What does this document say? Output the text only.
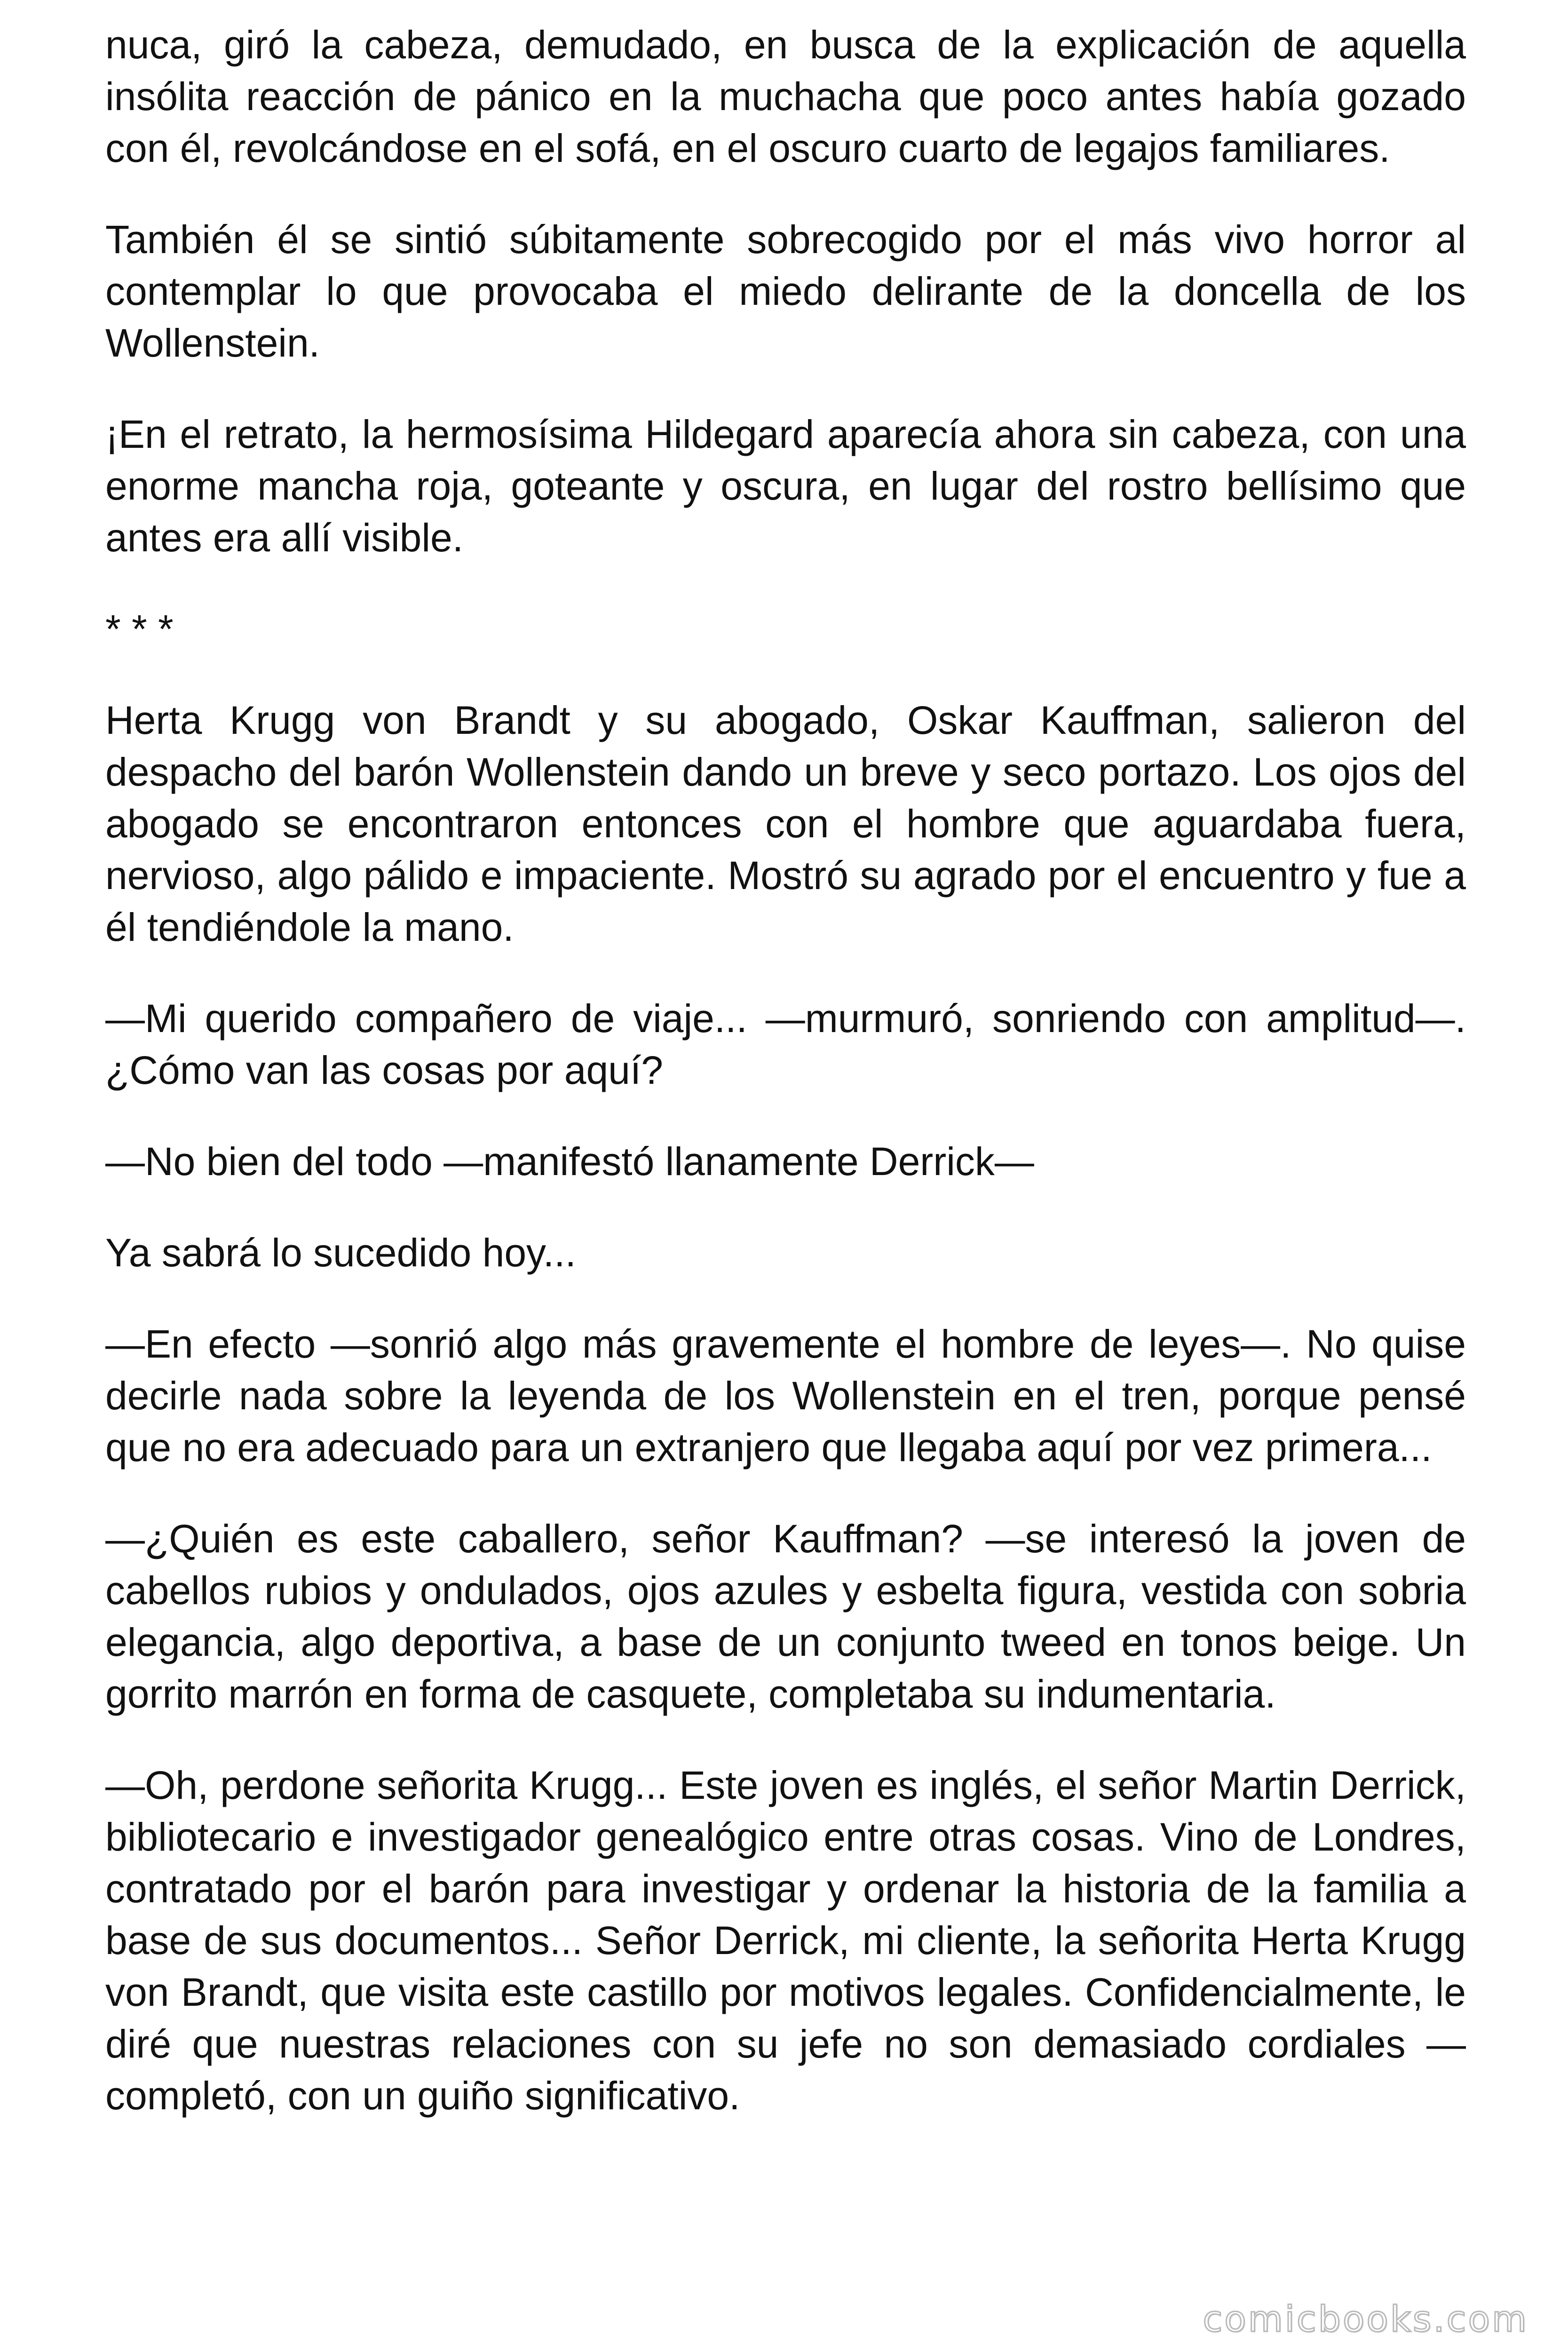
nuca, giró la cabeza, demudado, en busca de la explicación de aquella insólita reacción de pánico en la muchacha que poco antes había gozado con él, revolcándose en el sofá, en el oscuro cuarto de legajos familiares.

También él se sintió súbitamente sobrecogido por el más vivo horror al contemplar lo que provocaba el miedo delirante de la doncella de los Wollenstein.

¡En el retrato, la hermosísima Hildegard aparecía ahora sin cabeza, con una enorme mancha roja, goteante y oscura, en lugar del rostro bellísimo que antes era allí visible.

* * *

Herta Krugg von Brandt y su abogado, Oskar Kauffman, salieron del despacho del barón Wollenstein dando un breve y seco portazo. Los ojos del abogado se encontraron entonces con el hombre que aguardaba fuera, nervioso, algo pálido e impaciente. Mostró su agrado por el encuentro y fue a él tendiéndole la mano.

—Mi querido compañero de viaje... —murmuró, sonriendo con amplitud—. ¿Cómo van las cosas por aquí?

—No bien del todo —manifestó llanamente Derrick—

Ya sabrá lo sucedido hoy...

—En efecto —sonrió algo más gravemente el hombre de leyes—. No quise decirle nada sobre la leyenda de los Wollenstein en el tren, porque pensé que no era adecuado para un extranjero que llegaba aquí por vez primera...

—¿Quién es este caballero, señor Kauffman? —se interesó la joven de cabellos rubios y ondulados, ojos azules y esbelta figura, vestida con sobria elegancia, algo deportiva, a base de un conjunto tweed en tonos beige. Un gorrito marrón en forma de casquete, completaba su indumentaria.

—Oh, perdone señorita Krugg... Este joven es inglés, el señor Martin Derrick, bibliotecario e investigador genealógico entre otras cosas. Vino de Londres, contratado por el barón para investigar y ordenar la historia de la familia a base de sus documentos... Señor Derrick, mi cliente, la señorita Herta Krugg von Brandt, que visita este castillo por motivos legales. Confidencialmente, le diré que nuestras relaciones con su jefe no son demasiado cordiales —completó, con un guiño significativo.

comicbooks.com
